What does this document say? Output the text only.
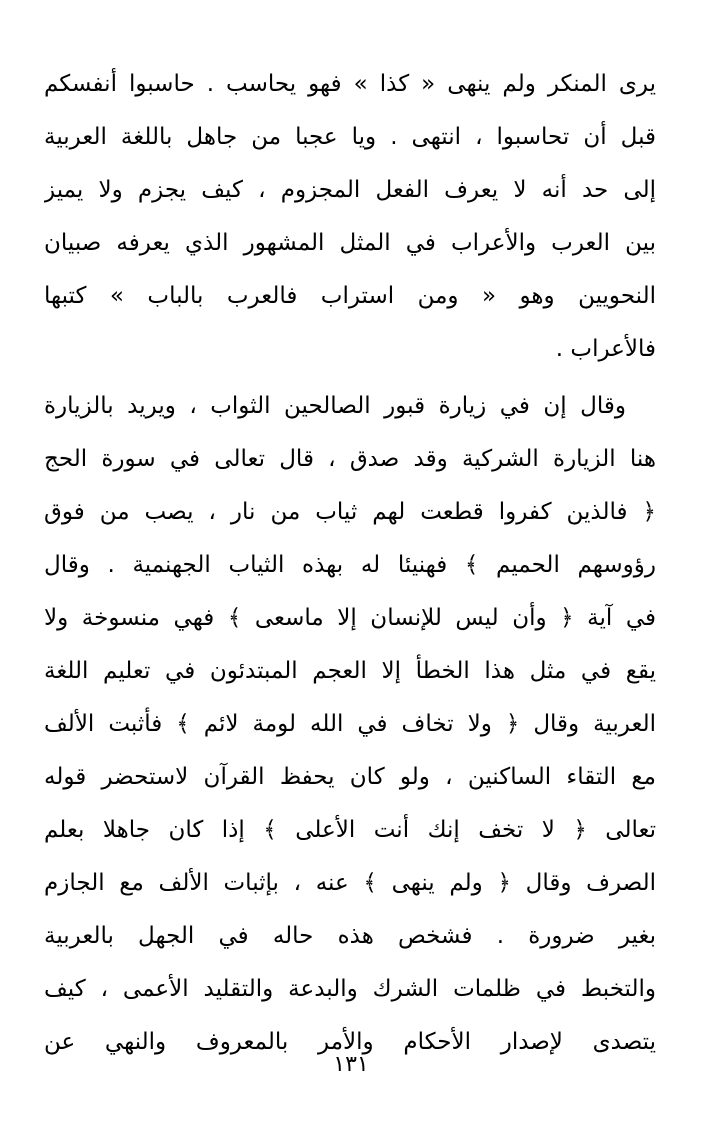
يرى المنكر ولم ينهى « كذا » فهو يحاسب . حاسبوا أنفسكم
قبل أن تحاسبوا ، انتهى . ويا عجبا من جاهل باللغة العربية
إلى حد أنه لا يعرف الفعل المجزوم ، كيف يجزم ولا يميز
بين العرب والأعراب في المثل المشهور الذي يعرفه صبيان
النحويين وهو « ومن استراب فالعرب بالباب » كتبها
فالأعراب .
وقال إن في زيارة قبور الصالحين الثواب ، ويريد بالزيارة
هنا الزيارة الشركية وقد صدق ، قال تعالى في سورة الحج
﴿ فالذين كفروا قطعت لهم ثياب من نار ، يصب من فوق
رؤوسهم الحميم ﴾ فهنيئا له بهذه الثياب الجهنمية . وقال
في آية ﴿ وأن ليس للإنسان إلا ماسعى ﴾ فهي منسوخة ولا
يقع في مثل هذا الخطأ إلا العجم المبتدئون في تعليم اللغة
العربية وقال ﴿ ولا تخاف في الله لومة لائم ﴾ فأثبت الألف
مع التقاء الساكنين ، ولو كان يحفظ القرآن لاستحضر قوله
تعالى ﴿ لا تخف إنك أنت الأعلى ﴾ إذا كان جاهلا بعلم
الصرف وقال ﴿ ولم ينهى ﴾ عنه ، بإثبات الألف مع الجازم
بغير ضرورة . فشخص هذه حاله في الجهل بالعربية
والتخبط في ظلمات الشرك والبدعة والتقليد الأعمى ، كيف
يتصدى لإصدار الأحكام والأمر بالمعروف والنهي عن
١٣١
